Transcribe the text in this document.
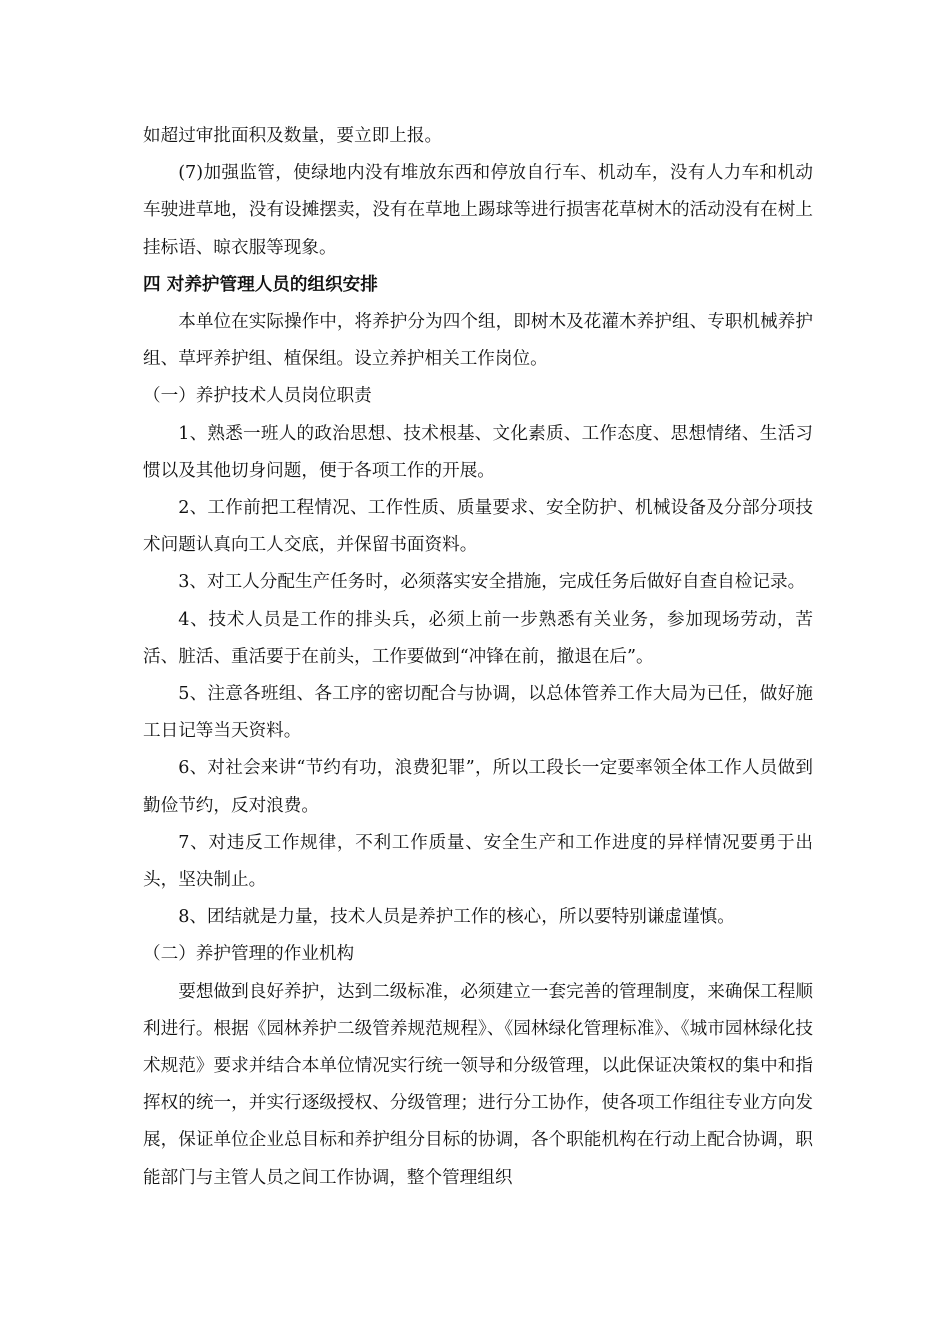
如超过审批面积及数量，要立即上报。

(7)加强监管，使绿地内没有堆放东西和停放自行车、机动车，没有人力车和机动车驶进草地，没有设摊摆卖，没有在草地上踢球等进行损害花草树木的活动没有在树上挂标语、晾衣服等现象。

四 对养护管理人员的组织安排

本单位在实际操作中，将养护分为四个组，即树木及花灌木养护组、专职机械养护组、草坪养护组、植保组。设立养护相关工作岗位。

（一）养护技术人员岗位职责

1、熟悉一班人的政治思想、技术根基、文化素质、工作态度、思想情绪、生活习惯以及其他切身问题，便于各项工作的开展。

2、工作前把工程情况、工作性质、质量要求、安全防护、机械设备及分部分项技术问题认真向工人交底，并保留书面资料。

3、对工人分配生产任务时，必须落实安全措施，完成任务后做好自查自检记录。

4、技术人员是工作的排头兵，必须上前一步熟悉有关业务，参加现场劳动，苦活、脏活、重活要于在前头，工作要做到“冲锋在前，撤退在后”。

5、注意各班组、各工序的密切配合与协调，以总体管养工作大局为已任，做好施工日记等当天资料。

6、对社会来讲“节约有功，浪费犯罪”，所以工段长一定要率领全体工作人员做到勤俭节约，反对浪费。

7、对违反工作规律，不利工作质量、安全生产和工作进度的异样情况要勇于出头，坚决制止。

8、团结就是力量，技术人员是养护工作的核心，所以要特别谦虚谨慎。

（二）养护管理的作业机构

要想做到良好养护，达到二级标准，必须建立一套完善的管理制度，来确保工程顺利进行。根据《园林养护二级管养规范规程》、《园林绿化管理标准》、《城市园林绿化技术规范》要求并结合本单位情况实行统一领导和分级管理，以此保证决策权的集中和指挥权的统一，并实行逐级授权、分级管理；进行分工协作，使各项工作组往专业方向发展，保证单位企业总目标和养护组分目标的协调，各个职能机构在行动上配合协调，职能部门与主管人员之间工作协调，整个管理组织
